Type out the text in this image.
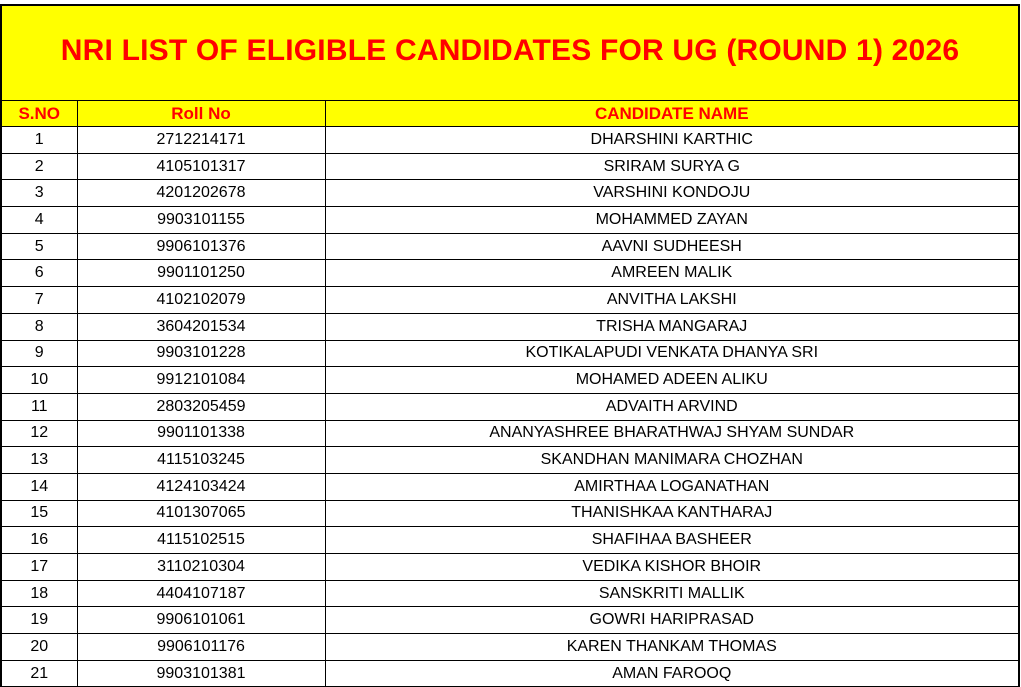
NRI LIST OF ELIGIBLE CANDIDATES FOR UG (ROUND 1) 2026
S.NO	Roll No	CANDIDATE NAME
1	2712214171	DHARSHINI KARTHIC
2	4105101317	SRIRAM SURYA G
3	4201202678	VARSHINI KONDOJU
4	9903101155	MOHAMMED ZAYAN
5	9906101376	AAVNI SUDHEESH
6	9901101250	AMREEN MALIK
7	4102102079	ANVITHA LAKSHI
8	3604201534	TRISHA MANGARAJ
9	9903101228	KOTIKALAPUDI VENKATA DHANYA SRI
10	9912101084	MOHAMED ADEEN ALIKU
11	2803205459	ADVAITH ARVIND
12	9901101338	ANANYASHREE BHARATHWAJ SHYAM SUNDAR
13	4115103245	SKANDHAN MANIMARA CHOZHAN
14	4124103424	AMIRTHAA LOGANATHAN
15	4101307065	THANISHKAA KANTHARAJ
16	4115102515	SHAFIHAA BASHEER
17	3110210304	VEDIKA KISHOR BHOIR
18	4404107187	SANSKRITI MALLIK
19	9906101061	GOWRI HARIPRASAD
20	9906101176	KAREN THANKAM THOMAS
21	9903101381	AMAN FAROOQ
